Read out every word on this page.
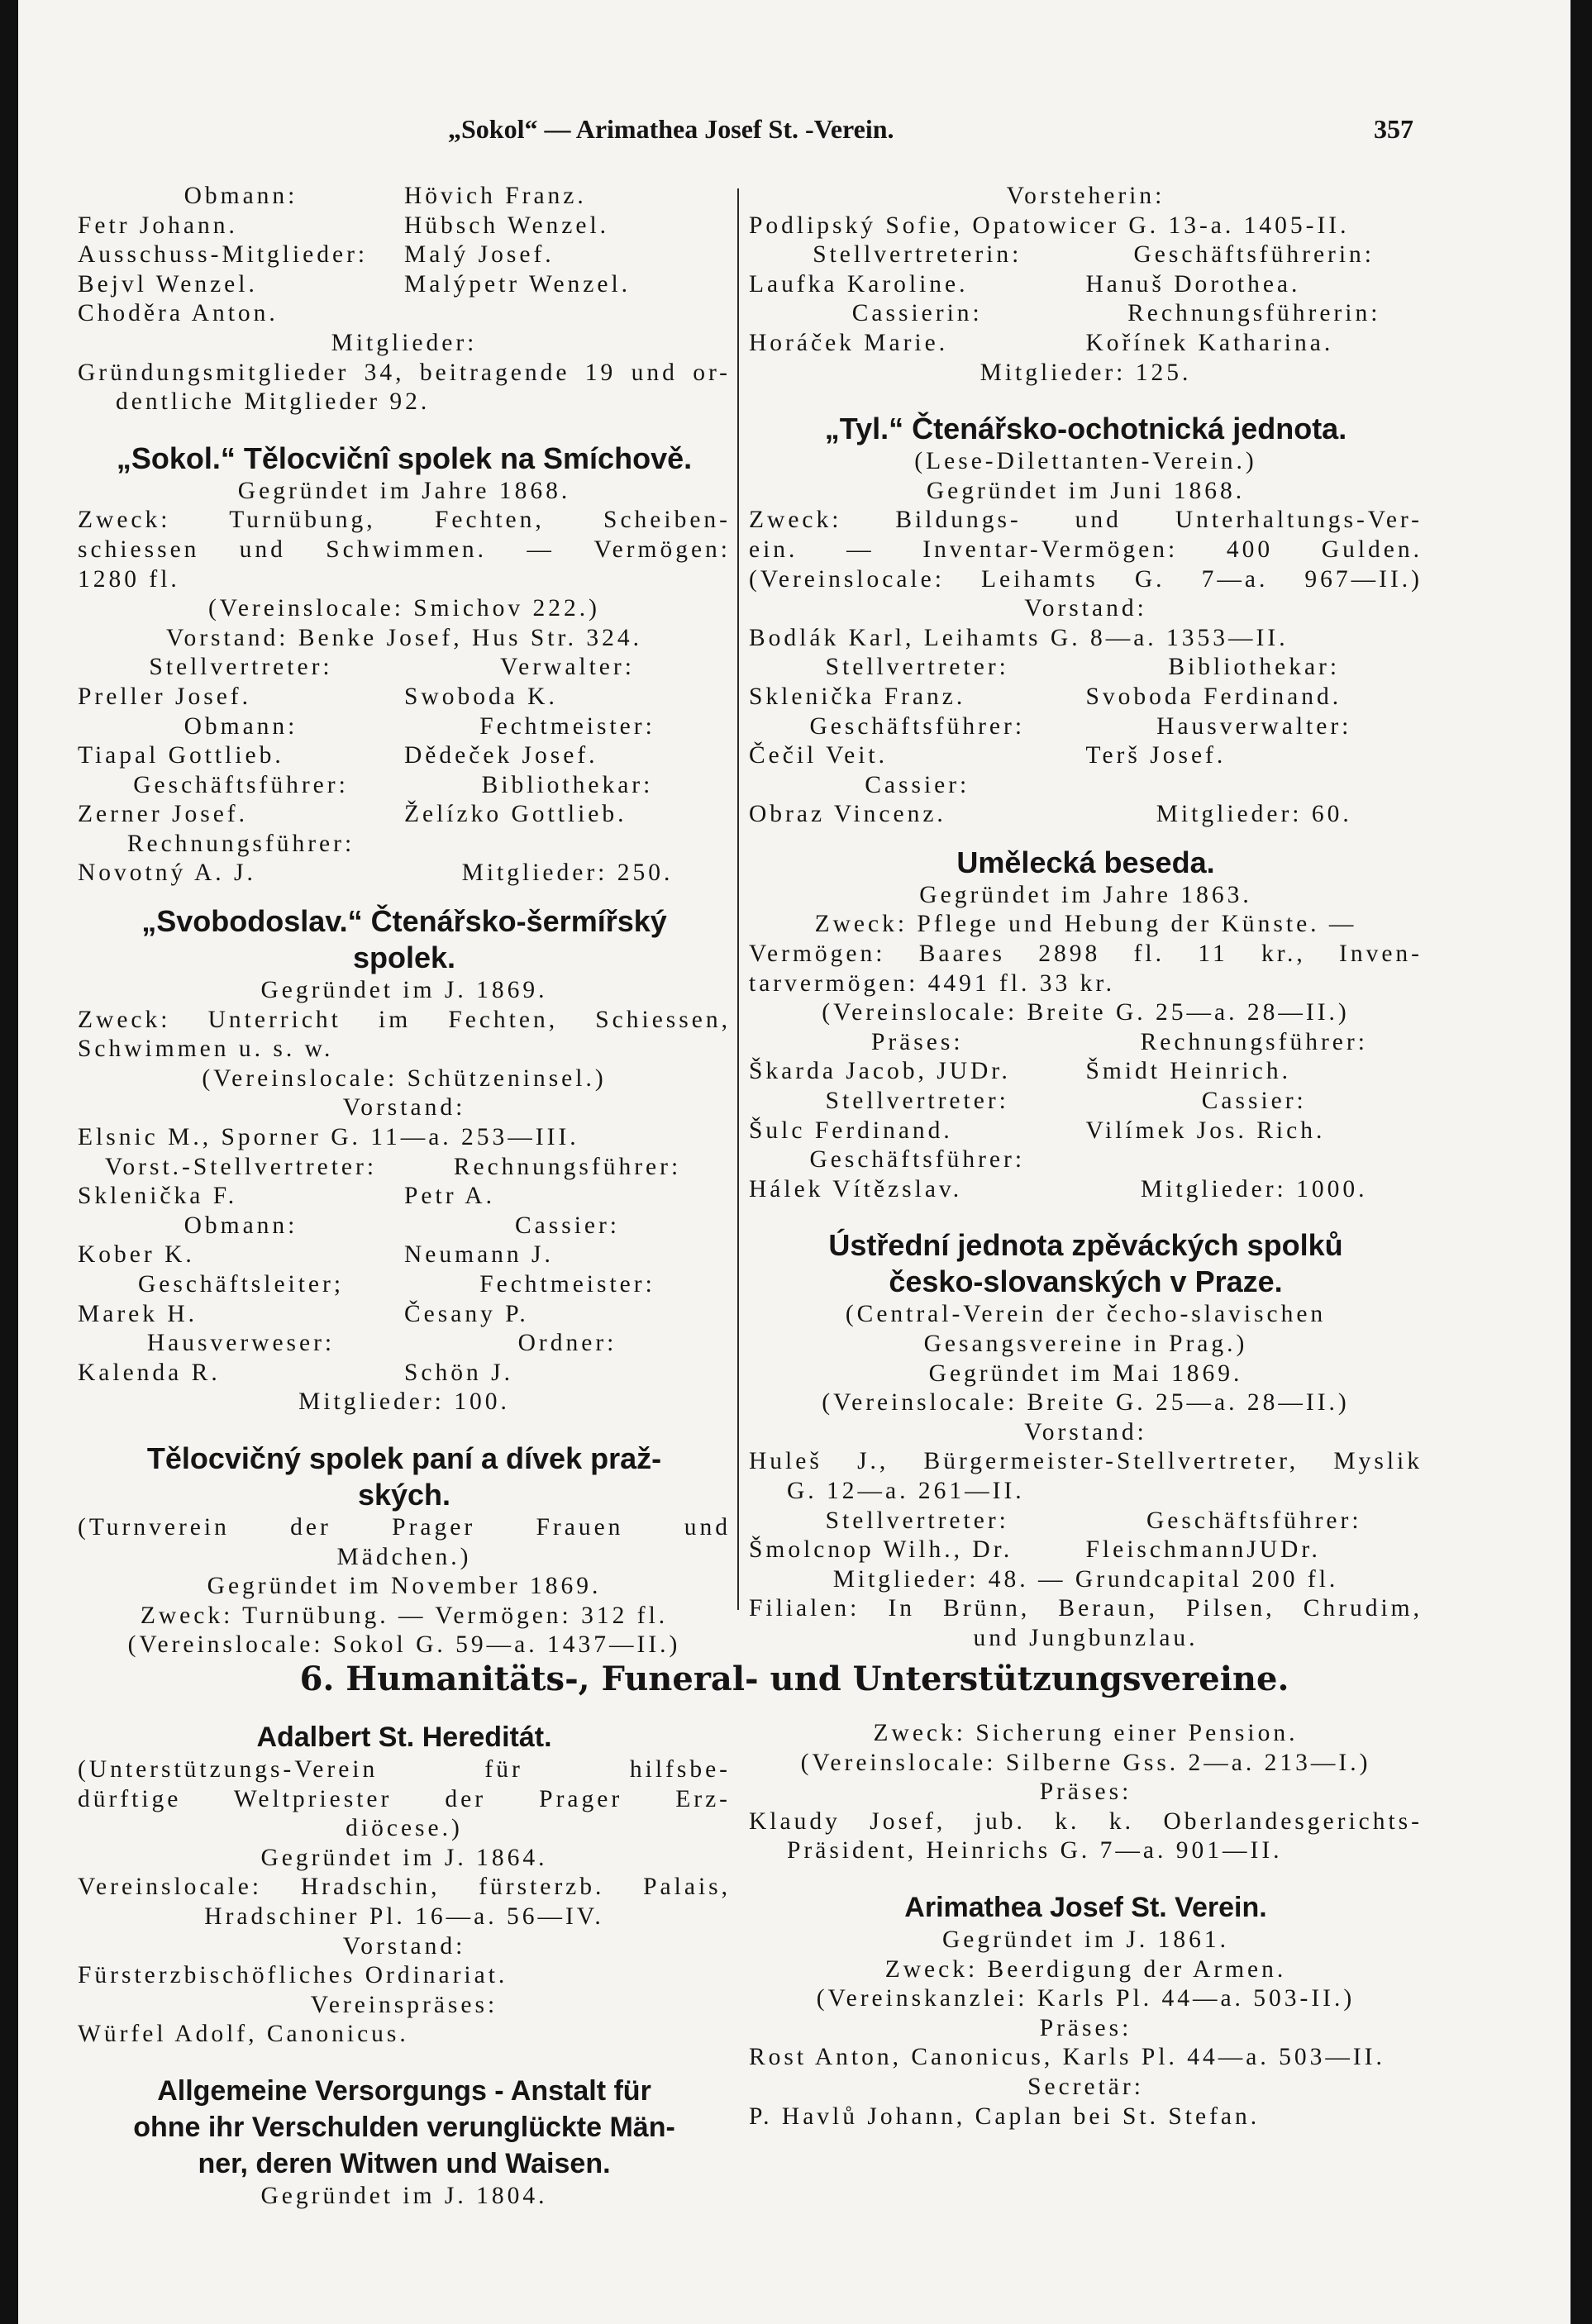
„Sokol“ — Arimathea Josef St. -Verein.	357
Obmann:	Hövich Franz.
Fetr Johann.	Hübsch Wenzel.
Ausschuss-Mitglieder:	Malý Josef.
Bejvl Wenzel.	Malýpetr Wenzel.
Choděra Anton.
Mitglieder:
Gründungsmitglieder 34, beitragende 19 und or-
dentliche Mitglieder 92.
„Sokol.“ Tělocvičnî spolek na Smíchově.
Gegründet im Jahre 1868.
Zweck: Turnübung, Fechten, Scheiben-
schiessen und Schwimmen. — Vermögen:
1280 fl.
(Vereinslocale: Smichov 222.)
Vorstand: Benke Josef, Hus Str. 324.
Stellvertreter:	Verwalter:
Preller Josef.	Swoboda K.
Obmann:	Fechtmeister:
Tiapal Gottlieb.	Dědeček Josef.
Geschäftsführer:	Bibliothekar:
Zerner Josef.	Želízko Gottlieb.
Rechnungsführer:
Novotný A. J.	Mitglieder: 250.
„Svobodoslav.“ Čtenářsko-šermířský
spolek.
Gegründet im J. 1869.
Zweck: Unterricht im Fechten, Schiessen,
Schwimmen u. s. w.
(Vereinslocale: Schützeninsel.)
Vorstand:
Elsnic M., Sporner G. 11—a. 253—III.
Vorst.-Stellvertreter:	Rechnungsführer:
Sklenička F.	Petr A.
Obmann:	Cassier:
Kober K.	Neumann J.
Geschäftsleiter;	Fechtmeister:
Marek H.	Česany P.
Hausverweser:	Ordner:
Kalenda R.	Schön J.
Mitglieder: 100.
Tělocvičný spolek paní a dívek praž-
ských.
(Turnverein der Prager Frauen und
Mädchen.)
Gegründet im November 1869.
Zweck: Turnübung. — Vermögen: 312 fl.
(Vereinslocale: Sokol G. 59—a. 1437—II.)
Vorsteherin:
Podlipský Sofie, Opatowicer G. 13-a. 1405-II.
Stellvertreterin:	Geschäftsführerin:
Laufka Karoline.	Hanuš Dorothea.
Cassierin:	Rechnungsführerin:
Horáček Marie.	Kořínek Katharina.
Mitglieder: 125.
„Tyl.“ Čtenářsko-ochotnická jednota.
(Lese-Dilettanten-Verein.)
Gegründet im Juni 1868.
Zweck: Bildungs- und Unterhaltungs-Ver-
ein. — Inventar-Vermögen: 400 Gulden.
(Vereinslocale: Leihamts G. 7—a. 967—II.)
Vorstand:
Bodlák Karl, Leihamts G. 8—a. 1353—II.
Stellvertreter:	Bibliothekar:
Sklenička Franz.	Svoboda Ferdinand.
Geschäftsführer:	Hausverwalter:
Čečil Veit.	Terš Josef.
Cassier:
Obraz Vincenz.	Mitglieder: 60.
Umělecká beseda.
Gegründet im Jahre 1863.
Zweck: Pflege und Hebung der Künste. —
Vermögen: Baares 2898 fl. 11 kr., Inven-
tarvermögen: 4491 fl. 33 kr.
(Vereinslocale: Breite G. 25—a. 28—II.)
Präses:	Rechnungsführer:
Škarda Jacob, JUDr.	Šmidt Heinrich.
Stellvertreter:	Cassier:
Šulc Ferdinand.	Vilímek Jos. Rich.
Geschäftsführer:
Hálek Vítězslav.	Mitglieder: 1000.
Ústřední jednota zpěváckých spolků
česko-slovanských v Praze.
(Central-Verein der čecho-slavischen
Gesangsvereine in Prag.)
Gegründet im Mai 1869.
(Vereinslocale: Breite G. 25—a. 28—II.)
Vorstand:
Huleš J., Bürgermeister-Stellvertreter, Myslik
G. 12—a. 261—II.
Stellvertreter:	Geschäftsführer:
Šmolcnop Wilh., Dr.	FleischmannJUDr.
Mitglieder: 48. — Grundcapital 200 fl.
Filialen: In Brünn, Beraun, Pilsen, Chrudim,
und Jungbunzlau.
6. Humanitäts-, Funeral- und Unterstützungsvereine.
Adalbert St. Hereditát.
(Unterstützungs-Verein für hilfsbe-
dürftige Weltpriester der Prager Erz-
diöcese.)
Gegründet im J. 1864.
Vereinslocale: Hradschin, fürsterzb. Palais,
Hradschiner Pl. 16—a. 56—IV.
Vorstand:
Fürsterzbischöfliches Ordinariat.
Vereinspräses:
Würfel Adolf, Canonicus.
Allgemeine Versorgungs - Anstalt für
ohne ihr Verschulden verunglückte Män-
ner, deren Witwen und Waisen.
Gegründet im J. 1804.
Zweck: Sicherung einer Pension.
(Vereinslocale: Silberne Gss. 2—a. 213—I.)
Präses:
Klaudy Josef, jub. k. k. Oberlandesgerichts-
Präsident, Heinrichs G. 7—a. 901—II.
Arimathea Josef St. Verein.
Gegründet im J. 1861.
Zweck: Beerdigung der Armen.
(Vereinskanzlei: Karls Pl. 44—a. 503-II.)
Präses:
Rost Anton, Canonicus, Karls Pl. 44—a. 503—II.
Secretär:
P. Havlů Johann, Caplan bei St. Stefan.
